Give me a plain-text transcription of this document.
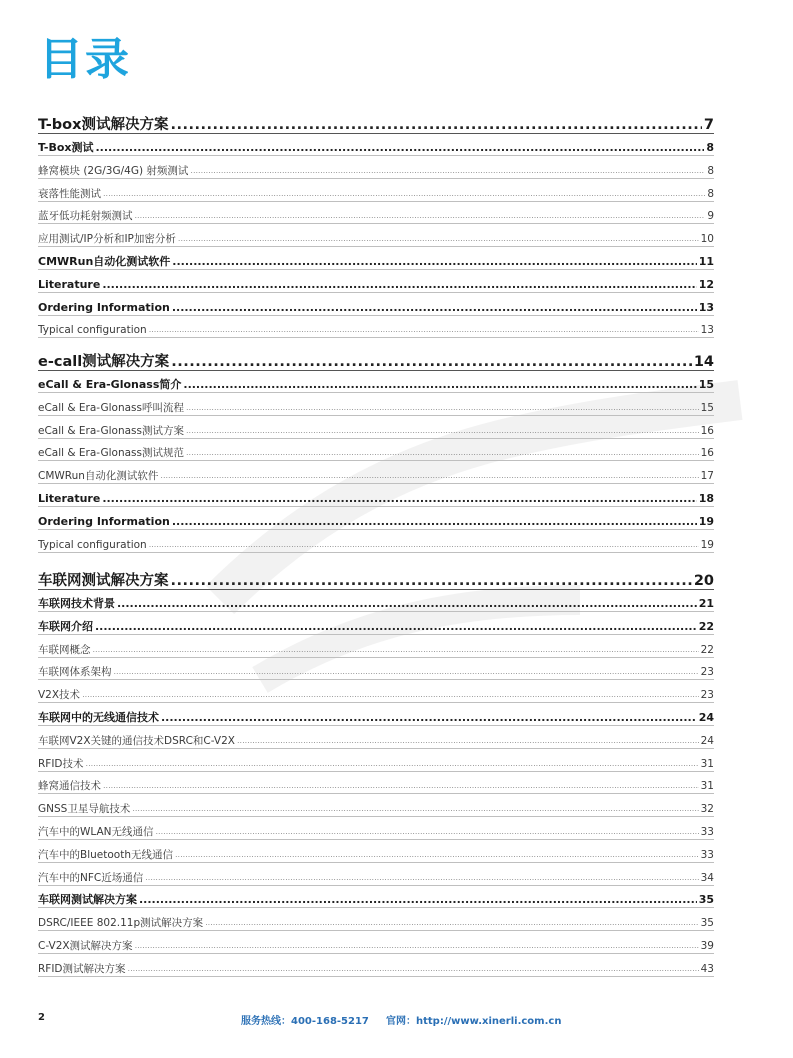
目录
T-box测试解决方案 .....	7
T-Box测试 .....	8
蜂窝模块 (2G/3G/4G) 射频测试 .....	8
衰落性能测试 .....	8
蓝牙低功耗射频测试 .....	9
应用测试/IP分析和IP加密分析 .....	10
CMWRun自动化测试软件 .....	11
Literature .....	12
Ordering Information .....	13
Typical configuration .....	13
e-call测试解决方案 .....	14
eCall & Era-Glonass简介 .....	15
eCall & Era-Glonass呼叫流程 .....	15
eCall & Era-Glonass测试方案 .....	16
eCall & Era-Glonass测试规范 .....	16
CMWRun自动化测试软件 .....	17
Literature .....	18
Ordering Information .....	19
Typical configuration .....	19
车联网测试解决方案 .....	20
车联网技术背景 .....	21
车联网介绍 .....	22
车联网概念 .....	22
车联网体系架构 .....	23
V2X技术 .....	23
车联网中的无线通信技术 .....	24
车联网V2X关键的通信技术DSRC和C-V2X .....	24
RFID技术 .....	31
蜂窝通信技术 .....	31
GNSS卫星导航技术 .....	32
汽车中的WLAN无线通信 .....	33
汽车中的Bluetooth无线通信 .....	33
汽车中的NFC近场通信 .....	34
车联网测试解决方案 .....	35
DSRC/IEEE 802.11p测试解决方案 .....	35
C-V2X测试解决方案 .....	39
RFID测试解决方案 .....	43
2	服务热线：400-168-5217 官网：http://www.xinerli.com.cn
